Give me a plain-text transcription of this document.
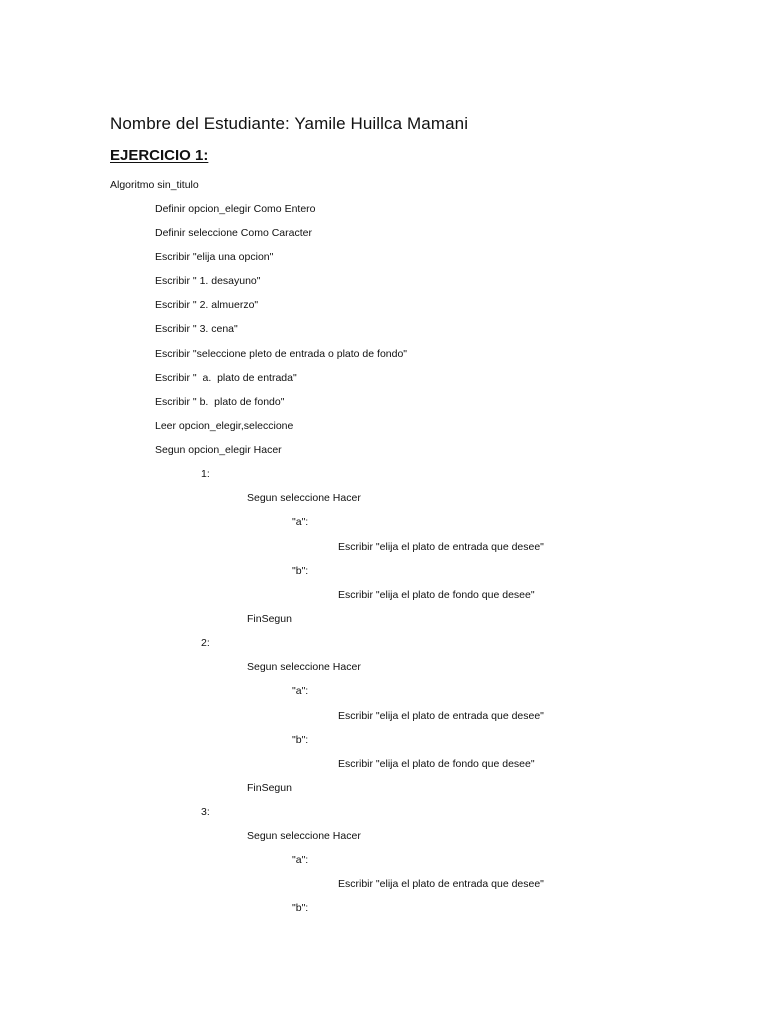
Nombre del Estudiante: Yamile Huillca Mamani
EJERCICIO 1:
Algoritmo sin_titulo
Definir opcion_elegir Como Entero
Definir seleccione Como Caracter
Escribir "elija una opcion"
Escribir " 1. desayuno"
Escribir " 2. almuerzo"
Escribir " 3. cena"
Escribir "seleccione pleto de entrada o plato de fondo"
Escribir "  a.  plato de entrada"
Escribir " b.  plato de fondo"
Leer opcion_elegir,seleccione
Segun opcion_elegir Hacer
1:
Segun seleccione Hacer
"a":
Escribir "elija el plato de entrada que desee"
"b":
Escribir "elija el plato de fondo que desee"
FinSegun
2:
Segun seleccione Hacer
"a":
Escribir "elija el plato de entrada que desee"
"b":
Escribir "elija el plato de fondo que desee"
FinSegun
3:
Segun seleccione Hacer
"a":
Escribir "elija el plato de entrada que desee"
"b":
